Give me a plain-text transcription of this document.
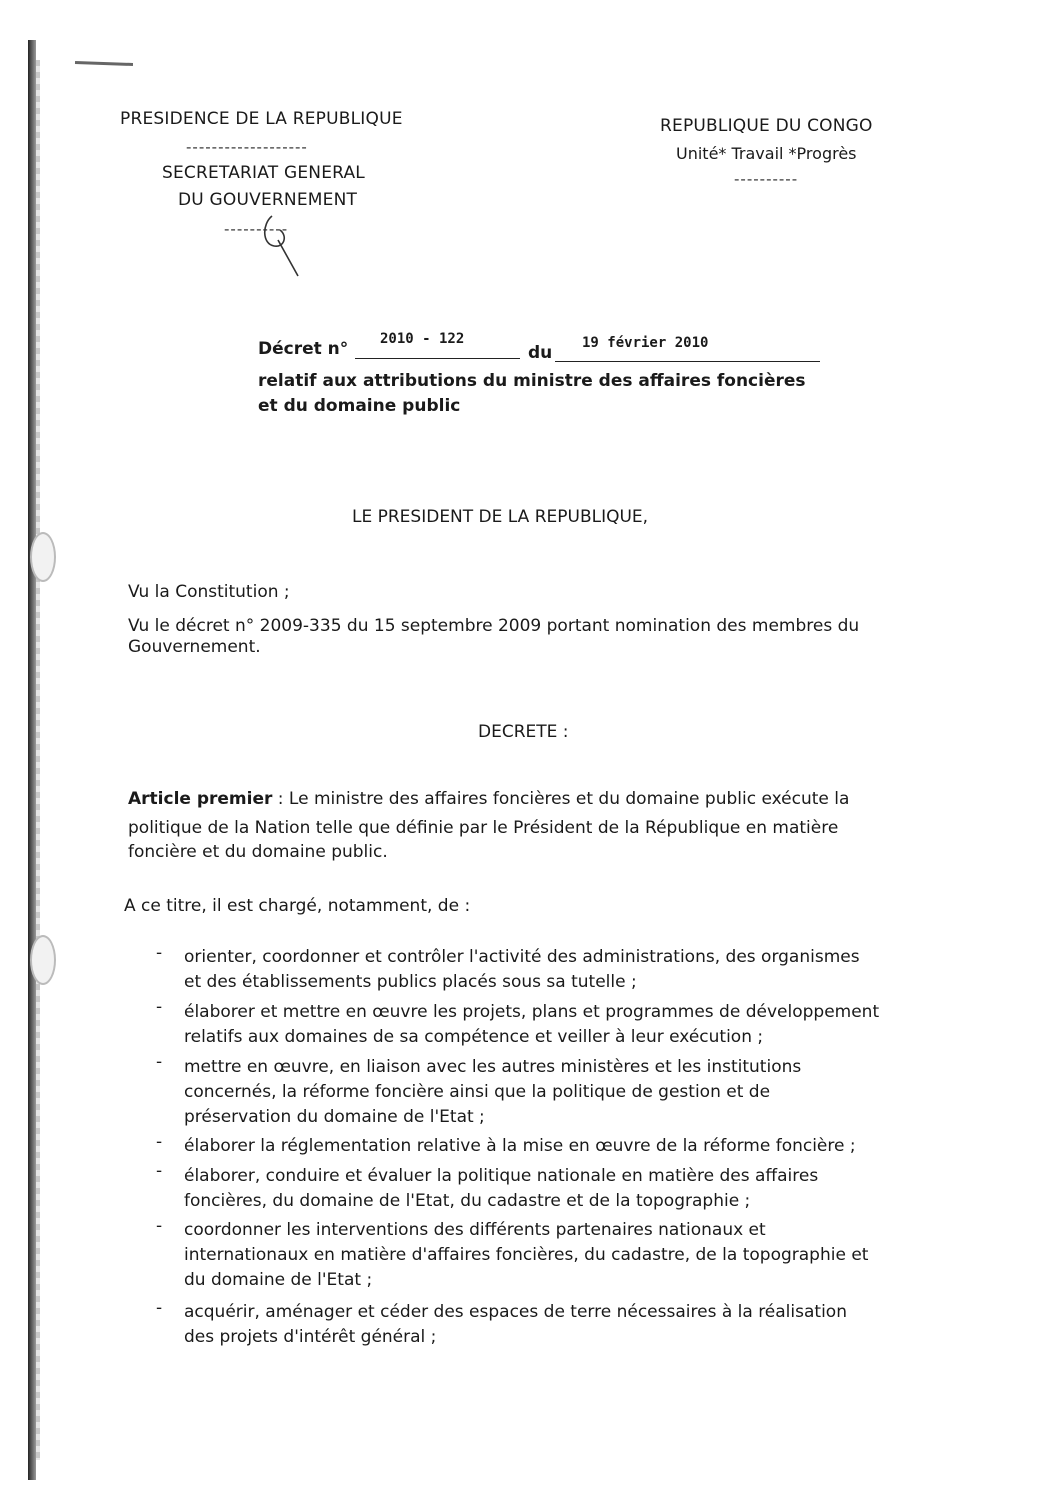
PRESIDENCE DE LA REPUBLIQUE
-------------------
SECRETARIAT GENERAL
DU GOUVERNEMENT
----------
REPUBLIQUE DU CONGO
Unité* Travail *Progrès
----------
Décret n° 2010 - 122
du 19 février 2010
relatif aux attributions du ministre des affaires foncières
et du domaine public
LE PRESIDENT DE LA REPUBLIQUE,
Vu la Constitution ;
Vu le décret n° 2009-335 du 15 septembre 2009 portant nomination des membres du
Gouvernement.
DECRETE :
Article premier : Le ministre des affaires foncières et du domaine public exécute la
politique de la Nation telle que définie par le Président de la République en matière
foncière et du domaine public.
A ce titre, il est chargé, notamment, de :
- orienter, coordonner et contrôler l'activité des administrations, des organismes
et des établissements publics placés sous sa tutelle ;
- élaborer et mettre en œuvre les projets, plans et programmes de développement
relatifs aux domaines de sa compétence et veiller à leur exécution ;
- mettre en œuvre, en liaison avec les autres ministères et les institutions
concernés, la réforme foncière ainsi que la politique de gestion et de
préservation du domaine de l'Etat ;
- élaborer la réglementation relative à la mise en œuvre de la réforme foncière ;
- élaborer, conduire et évaluer la politique nationale en matière des affaires
foncières, du domaine de l'Etat, du cadastre et de la topographie ;
- coordonner les interventions des différents partenaires nationaux et
internationaux en matière d'affaires foncières, du cadastre, de la topographie et
du domaine de l'Etat ;
- acquérir, aménager et céder des espaces de terre nécessaires à la réalisation
des projets d'intérêt général ;
